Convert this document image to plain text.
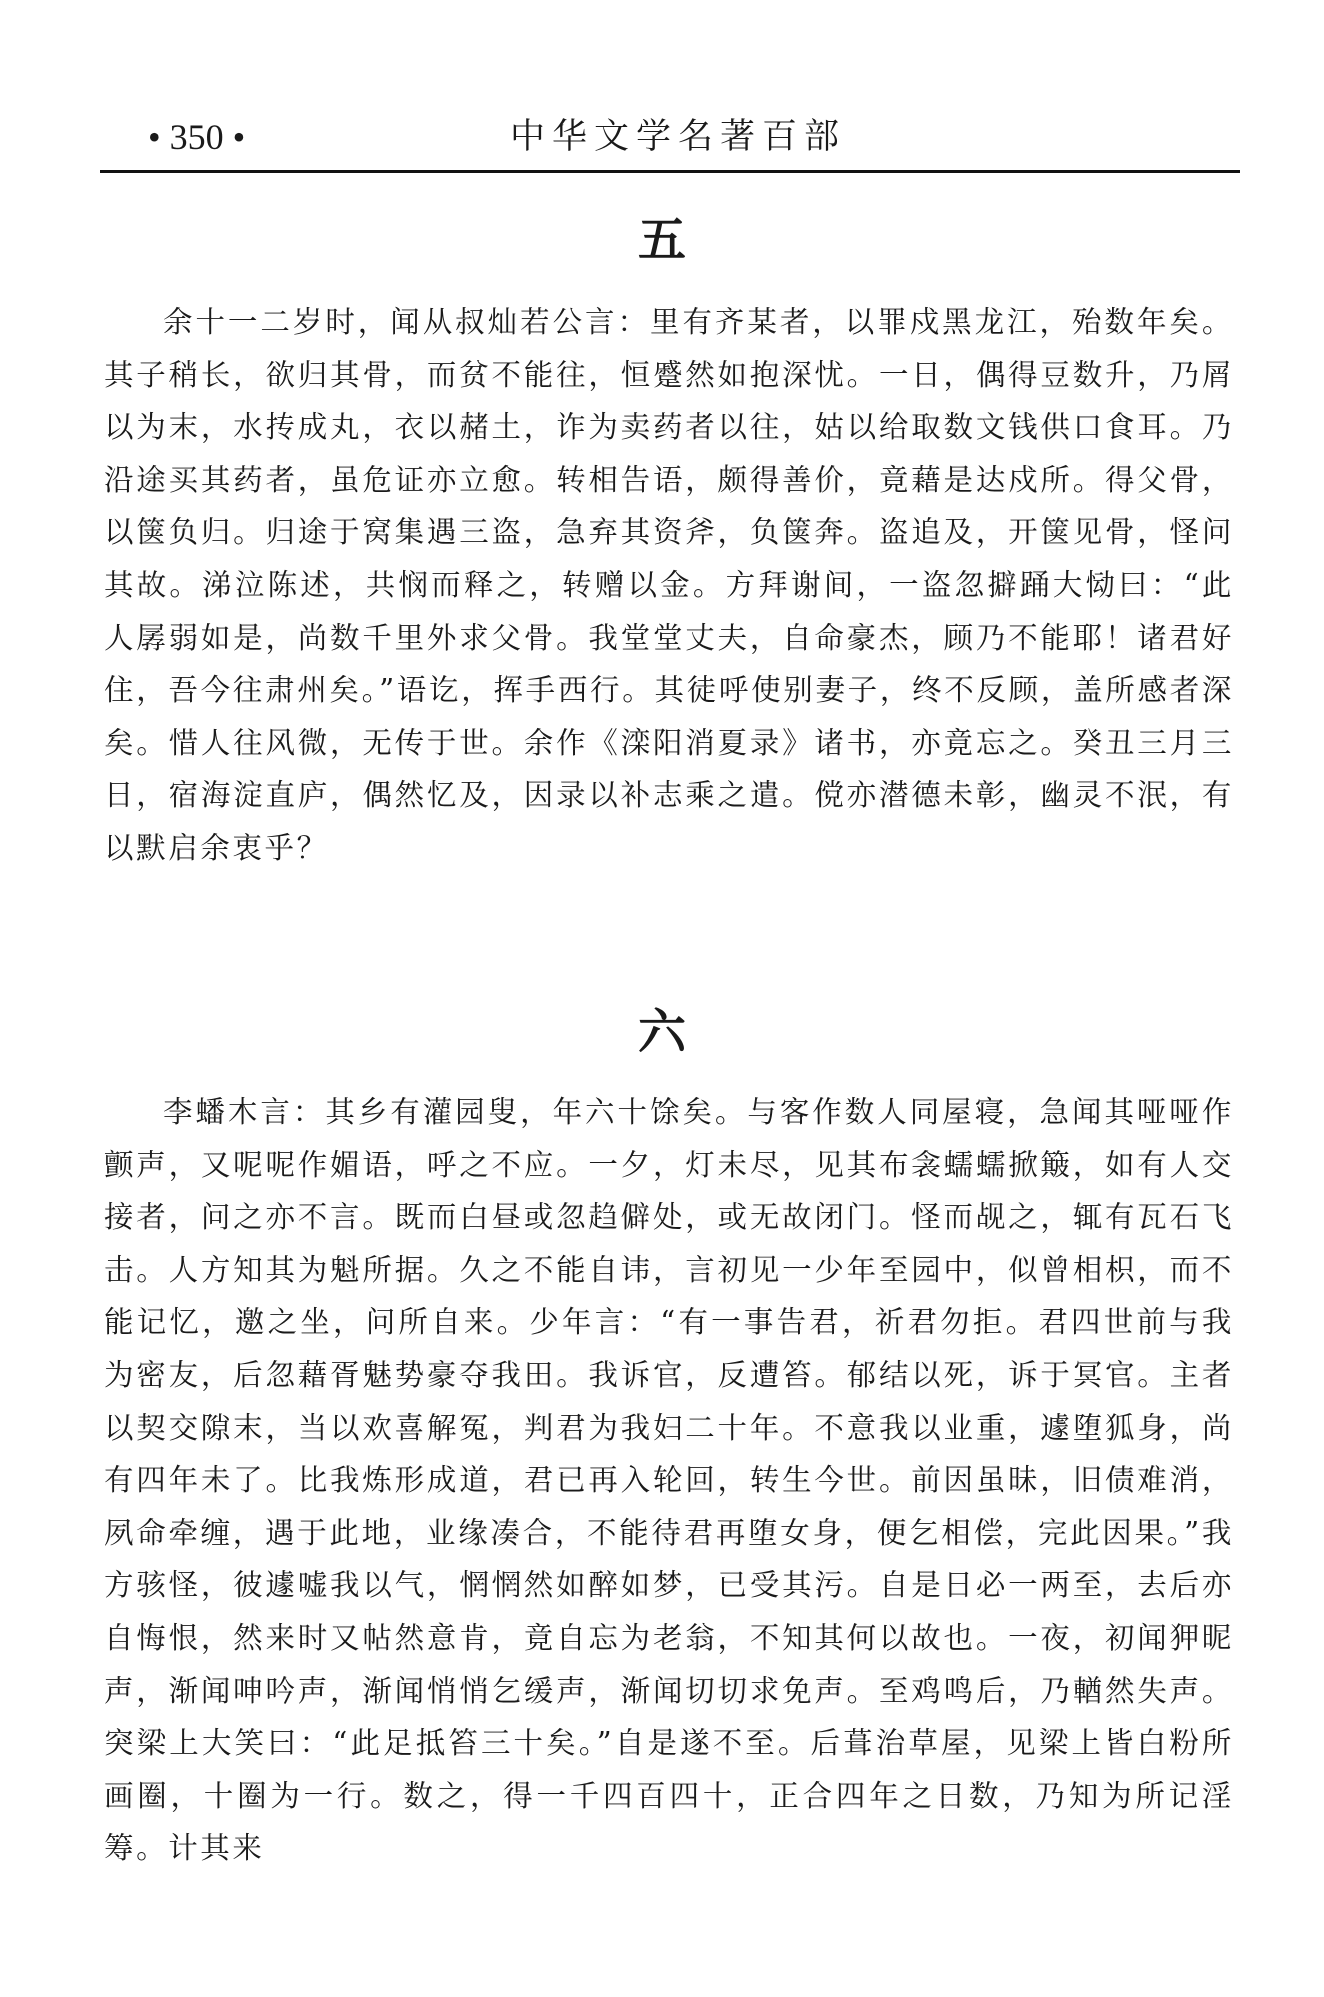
• 350 •	中华文学名著百部
五

余十一二岁时，闻从叔灿若公言：里有齐某者，以罪戍黑龙江，殆数年矣。其子稍长，欲归其骨，而贫不能往，恒蹙然如抱深忧。一日，偶得豆数升，乃屑以为末，水抟成丸，衣以赭土，诈为卖药者以往，姑以给取数文钱供口食耳。乃沿途买其药者，虽危证亦立愈。转相告语，颇得善价，竟藉是达戍所。得父骨，以箧负归。归途于窝集遇三盗，急弃其资斧，负箧奔。盗追及，开箧见骨，怪问其故。涕泣陈述，共悯而释之，转赠以金。方拜谢间，一盗忽擗踊大恸曰：“此人孱弱如是，尚数千里外求父骨。我堂堂丈夫，自命豪杰，顾乃不能耶！诸君好住，吾今往肃州矣。”语讫，挥手西行。其徒呼使别妻子，终不反顾，盖所感者深矣。惜人往风微，无传于世。余作《滦阳消夏录》诸书，亦竟忘之。癸丑三月三日，宿海淀直庐，偶然忆及，因录以补志乘之遣。傥亦潜德未彰，幽灵不泯，有以默启余衷乎？

六

李蟠木言：其乡有灌园叟，年六十馀矣。与客作数人同屋寝，急闻其哑哑作颤声，又呢呢作媚语，呼之不应。一夕，灯未尽，见其布衾蠕蠕掀簸，如有人交接者，问之亦不言。既而白昼或忽趋僻处，或无故闭门。怪而觇之，辄有瓦石飞击。人方知其为魁所据。久之不能自讳，言初见一少年至园中，似曾相枳，而不能记忆，邀之坐，问所自来。少年言：“有一事告君，祈君勿拒。君四世前与我为密友，后忽藉胥魅势豪夺我田。我诉官，反遭笞。郁结以死，诉于冥官。主者以契交隙末，当以欢喜解冤，判君为我妇二十年。不意我以业重，遽堕狐身，尚有四年未了。比我炼形成道，君已再入轮回，转生今世。前因虽昧，旧债难消，夙命牵缠，遇于此地，业缘凑合，不能待君再堕女身，便乞相偿，完此因果。”我方骇怪，彼遽嘘我以气，惘惘然如醉如梦，已受其污。自是日必一两至，去后亦自悔恨，然来时又帖然意肯，竟自忘为老翁，不知其何以故也。一夜，初闻狎昵声，渐闻呻吟声，渐闻悄悄乞缓声，渐闻切切求免声。至鸡鸣后，乃輶然失声。突梁上大笑曰：“此足抵笞三十矣。”自是遂不至。后葺治草屋，见梁上皆白粉所画圈，十圈为一行。数之，得一千四百四十，正合四年之日数，乃知为所记淫筹。计其来
